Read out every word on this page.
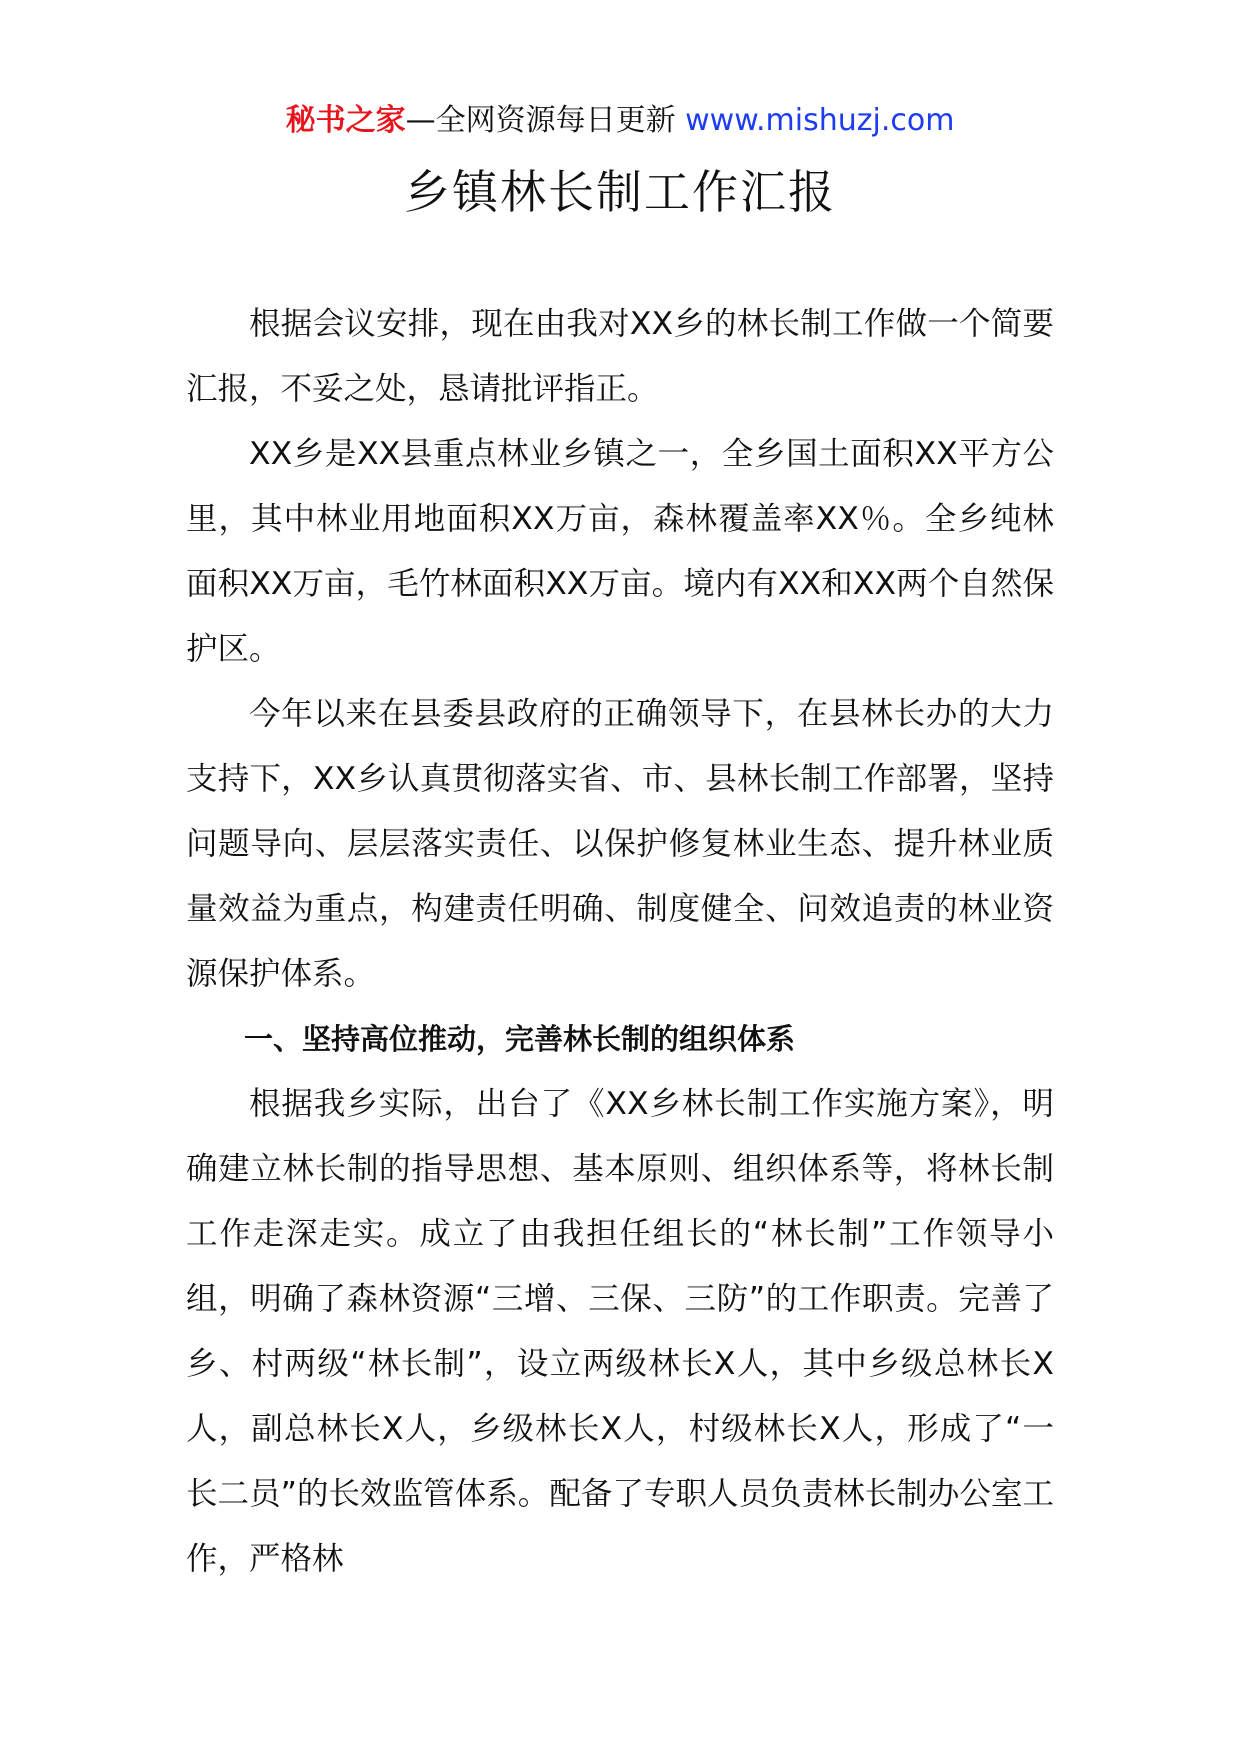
秘书之家—全网资源每日更新 www.mishuzj.com
乡镇林长制工作汇报

根据会议安排，现在由我对XX乡的林长制工作做一个简要汇报，不妥之处，恳请批评指正。

XX乡是XX县重点林业乡镇之一，全乡国土面积XX平方公里，其中林业用地面积XX万亩，森林覆盖率XX％。全乡纯林面积XX万亩，毛竹林面积XX万亩。境内有XX和XX两个自然保护区。

今年以来在县委县政府的正确领导下，在县林长办的大力支持下，XX乡认真贯彻落实省、市、县林长制工作部署，坚持问题导向、层层落实责任、以保护修复林业生态、提升林业质量效益为重点，构建责任明确、制度健全、问效追责的林业资源保护体系。

一、坚持高位推动，完善林长制的组织体系

根据我乡实际，出台了《XX乡林长制工作实施方案》，明确建立林长制的指导思想、基本原则、组织体系等，将林长制工作走深走实。成立了由我担任组长的“林长制”工作领导小组，明确了森林资源“三增、三保、三防”的工作职责。完善了乡、村两级“林长制”，设立两级林长X人，其中乡级总林长X人，副总林长X人，乡级林长X人，村级林长X人，形成了“一长二员”的长效监管体系。配备了专职人员负责林长制办公室工作，严格林
